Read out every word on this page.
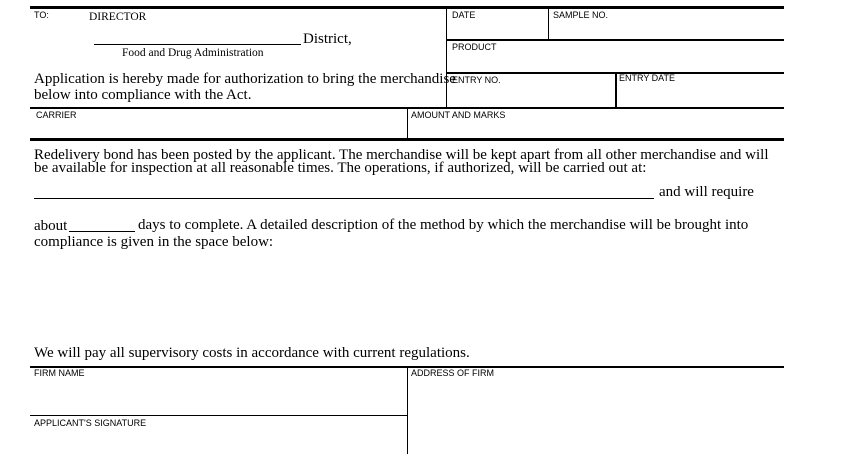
TO:	DIRECTOR
District,
Food and Drug Administration
Application is hereby made for authorization to bring the merchandise
below into compliance with the Act.
DATE	SAMPLE NO.
PRODUCT
ENTRY NO.	ENTRY DATE
CARRIER	AMOUNT AND MARKS
Redelivery bond has been posted by the applicant. The merchandise will be kept apart from all other merchandise and will
be available for inspection at all reasonable times. The operations, if authorized, will be carried out at:
and will require
about	days to complete. A detailed description of the method by which the merchandise will be brought into
compliance is given in the space below:
We will pay all supervisory costs in accordance with current regulations.
FIRM NAME	ADDRESS OF FIRM
APPLICANT'S SIGNATURE
